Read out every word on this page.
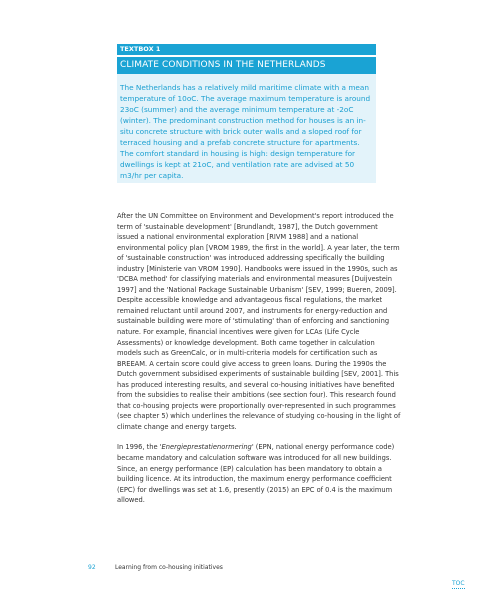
TEXTBOX 1
CLIMATE CONDITIONS IN THE NETHERLANDS

The Netherlands has a relatively mild maritime climate with a mean temperature of 10oC. The average maximum temperature is around 23oC (summer) and the average minimum temperature at -2oC (winter). The predominant construction method for houses is an in-situ concrete structure with brick outer walls and a sloped roof for terraced housing and a prefab concrete structure for apartments. The comfort standard in housing is high: design temperature for dwellings is kept at 21oC, and ventilation rate are advised at 50 m3/hr per capita.

After the UN Committee on Environment and Development's report introduced the term of 'sustainable development' [Brundlandt, 1987], the Dutch government issued a national environmental exploration [RIVM 1988] and a national environmental policy plan [VROM 1989, the first in the world]. A year later, the term of 'sustainable construction' was introduced addressing specifically the building industry [Ministerie van VROM 1990]. Handbooks were issued in the 1990s, such as 'DCBA method' for classifying materials and environmental measures [Duijvestein 1997] and the 'National Package Sustainable Urbanism' [SEV, 1999; Bueren, 2009]. Despite accessible knowledge and advantageous fiscal regulations, the market remained reluctant until around 2007, and instruments for energy-reduction and sustainable building were more of 'stimulating' than of enforcing and sanctioning nature. For example, financial incentives were given for LCAs (Life Cycle Assessments) or knowledge development. Both came together in calculation models such as GreenCalc, or in multi-criteria models for certification such as BREEAM. A certain score could give access to green loans. During the 1990s the Dutch government subsidised experiments of sustainable building [SEV, 2001]. This has produced interesting results, and several co-housing initiatives have benefited from the subsidies to realise their ambitions (see section four). This research found that co-housing projects were proportionally over-represented in such programmes (see chapter 5) which underlines the relevance of studying co-housing in the light of climate change and energy targets.

In 1996, the 'Energieprestatienormering' (EPN, national energy performance code) became mandatory and calculation software was introduced for all new buildings. Since, an energy performance (EP) calculation has been mandatory to obtain a building licence. At its introduction, the maximum energy performance coefficient (EPC) for dwellings was set at 1.6, presently (2015) an EPC of 0.4 is the maximum allowed.

92	Learning from co-housing initiatives
TOC
